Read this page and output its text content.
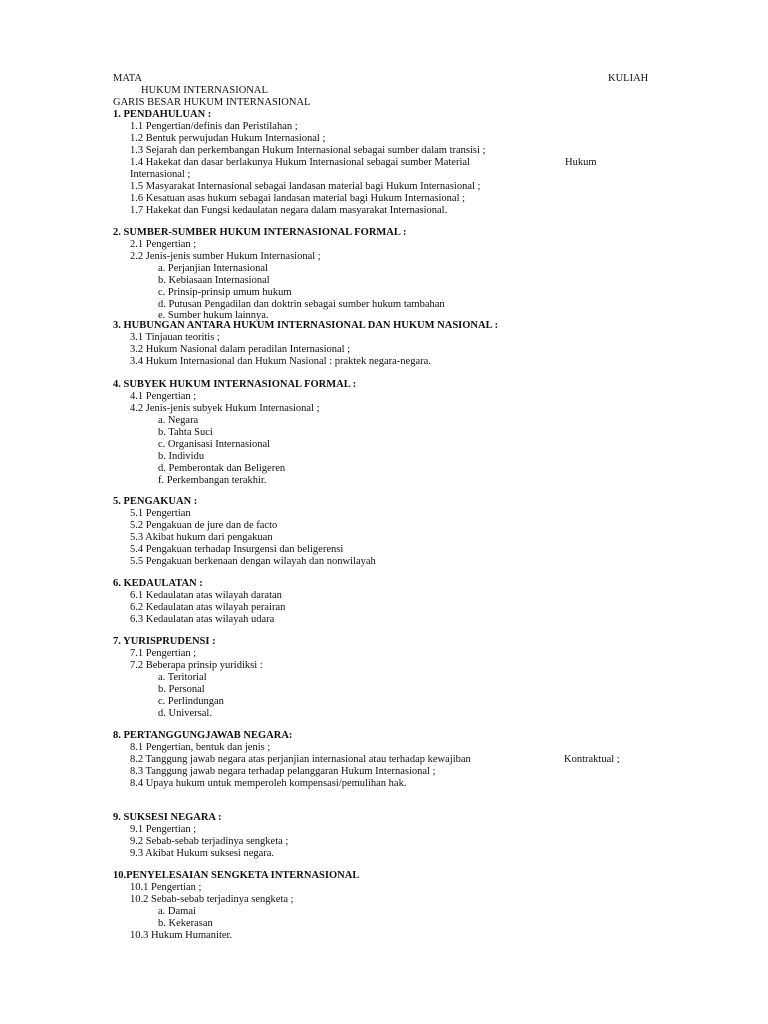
MATA	KULIAH
HUKUM INTERNASIONAL
GARIS BESAR HUKUM INTERNASIONAL
1. PENDAHULUAN :
1.1 Pengertian/definis dan Peristilahan ;
1.2 Bentuk perwujudan Hukum Internasional ;
1.3 Sejarah dan perkembangan Hukum Internasional sebagai sumber dalam transisi ;
1.4 Hakekat dan dasar berlakunya Hukum Internasional sebagai sumber Material	Hukum
Internasional ;
1.5 Masyarakat Internasional sebagai landasan material bagi Hukum Internasional ;
1.6 Kesatuan asas hukum sebagai landasan material bagi Hukum Internasional ;
1.7 Hakekat dan Fungsi kedaulatan negara dalam masyarakat Internasional.
2. SUMBER-SUMBER HUKUM INTERNASIONAL FORMAL :
2.1 Pengertian ;
2.2 Jenis-jenis sumber Hukum Internasional ;
a. Perjanjian Internasional
b. Kebiasaan Internasional
c. Prinsip-prinsip umum hukum
d. Putusan Pengadilan dan doktrin sebagai sumber hukum tambahan
e. Sumber hukum lainnya.
3. HUBUNGAN ANTARA HUKUM INTERNASIONAL DAN HUKUM NASIONAL :
3.1 Tinjauan teoritis ;
3.2 Hukum Nasional dalam peradilan Internasional ;
3.4 Hukum Internasional dan Hukum Nasional : praktek negara-negara.
4. SUBYEK HUKUM INTERNASIONAL FORMAL :
4.1 Pengertian ;
4.2 Jenis-jenis subyek Hukum Internasional ;
a. Negara
b. Tahta Suci
c. Organisasi Internasional
b. Individu
d. Pemberontak dan Beligeren
f. Perkembangan terakhir.
5. PENGAKUAN :
5.1 Pengertian
5.2 Pengakuan de jure dan de facto
5.3 Akibat hukum dari pengakuan
5.4 Pengakuan terhadap Insurgensi dan beligerensi
5.5 Pengakuan berkenaan dengan wilayah dan nonwilayah
6. KEDAULATAN :
6.1 Kedaulatan atas wilayah daratan
6.2 Kedaulatan atas wilayah perairan
6.3 Kedaulatan atas wilayah udara
7. YURISPRUDENSI :
7.1 Pengertian ;
7.2 Beberapa prinsip yuridiksi :
a. Teritorial
b. Personal
c. Perlindungan
d. Universal.
8. PERTANGGUNGJAWAB NEGARA:
8.1 Pengertian, bentuk dan jenis ;
8.2 Tanggung jawab negara atas perjanjian internasional atau terhadap kewajiban	Kontraktual ;
8.3 Tanggung jawab negara terhadap pelanggaran Hukum Internasional ;
8.4 Upaya hukum untuk memperoleh kompensasi/pemulihan hak.
9. SUKSESI NEGARA :
9.1 Pengertian ;
9.2 Sebab-sebab terjadinya sengketa ;
9.3 Akibat Hukum suksesi negara.
10.PENYELESAIAN SENGKETA INTERNASIONAL
10.1 Pengertian ;
10.2 Sebab-sebab terjadinya sengketa ;
a. Damai
b. Kekerasan
10.3 Hukum Humaniter.
